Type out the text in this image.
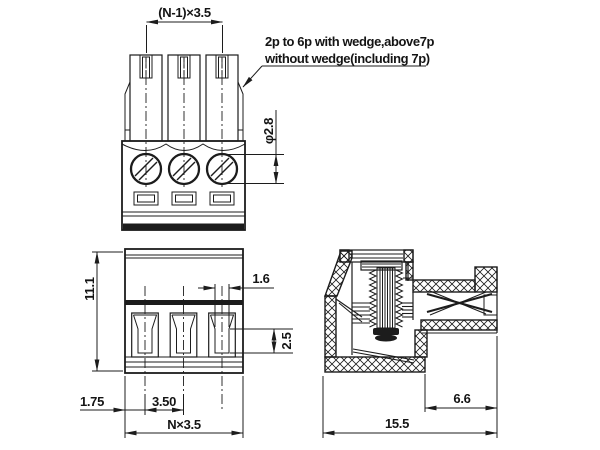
(N-1)×3.5
2p to 6p with wedge,above7p
without wedge(including 7p)
φ2.8
11.1	1.6
2.5
1.75	3.50
N×3.5
6.6
15.5
